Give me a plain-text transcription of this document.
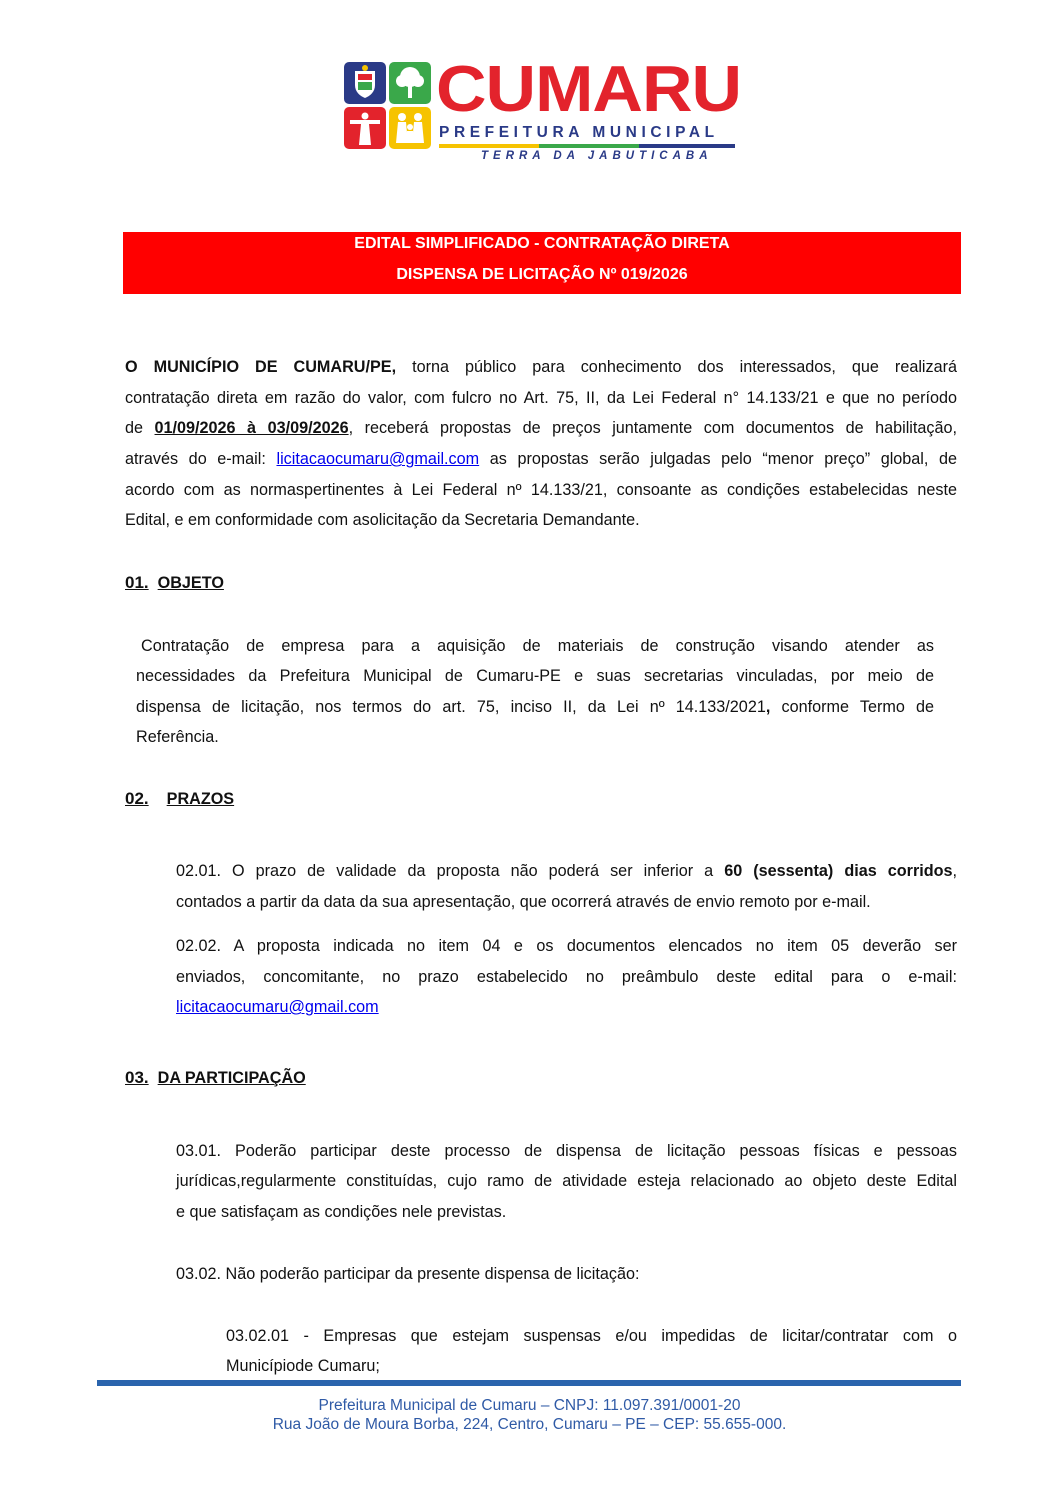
CUMARU
PREFEITURA MUNICIPAL
TERRA DA JABUTICABA
EDITAL SIMPLIFICADO - CONTRATAÇÃO DIRETA
DISPENSA DE LICITAÇÃO Nº 019/2026
O MUNICÍPIO DE CUMARU/PE, torna público para conhecimento dos interessados, que realizará
contratação direta em razão do valor, com fulcro no Art. 75, II, da Lei Federal n° 14.133/21 e que no período
de 01/09/2026 à 03/09/2026, receberá propostas de preços juntamente com documentos de habilitação,
através do e-mail: licitacaocumaru@gmail.com as propostas serão julgadas pelo “menor preço” global, de
acordo com as normaspertinentes à Lei Federal nº 14.133/21, consoante as condições estabelecidas neste
Edital, e em conformidade com asolicitação da Secretaria Demandante.
01. OBJETO
Contratação de empresa para a aquisição de materiais de construção visando atender as
necessidades da Prefeitura Municipal de Cumaru-PE e suas secretarias vinculadas, por meio de
dispensa de licitação, nos termos do art. 75, inciso II, da Lei nº 14.133/2021, conforme Termo de
Referência.
02. PRAZOS
02.01. O prazo de validade da proposta não poderá ser inferior a 60 (sessenta) dias corridos,
contados a partir da data da sua apresentação, que ocorrerá através de envio remoto por e-mail.
02.02. A proposta indicada no item 04 e os documentos elencados no item 05 deverão ser
enviados, concomitante, no prazo estabelecido no preâmbulo deste edital para o e-mail:
licitacaocumaru@gmail.com
03. DA PARTICIPAÇÃO
03.01. Poderão participar deste processo de dispensa de licitação pessoas físicas e pessoas
jurídicas,regularmente constituídas, cujo ramo de atividade esteja relacionado ao objeto deste Edital
e que satisfaçam as condições nele previstas.
03.02. Não poderão participar da presente dispensa de licitação:
03.02.01 - Empresas que estejam suspensas e/ou impedidas de licitar/contratar com o
Municípiode Cumaru;
Prefeitura Municipal de Cumaru – CNPJ: 11.097.391/0001-20
Rua João de Moura Borba, 224, Centro, Cumaru – PE – CEP: 55.655-000.
